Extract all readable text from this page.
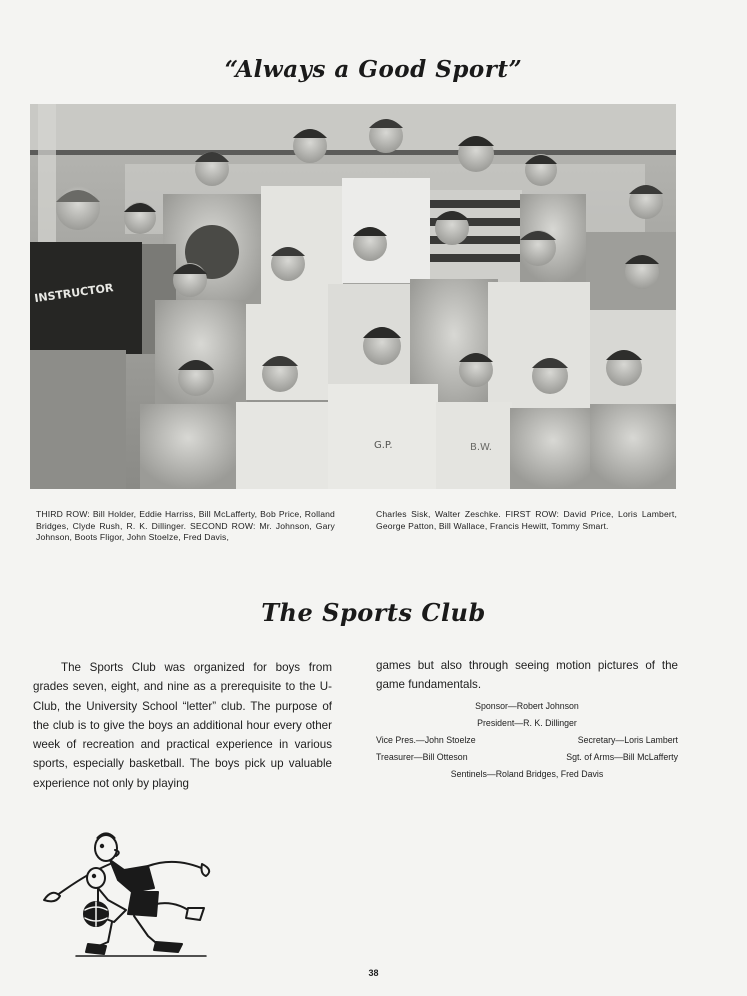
“Always a Good Sport”
INSTRUCTOR
G.P.	B.W.
THIRD ROW: Bill Holder, Eddie Harriss, Bill McLafferty, Bob Price, Rolland Bridges, Clyde Rush, R. K. Dillinger. SECOND ROW: Mr. Johnson, Gary Johnson, Boots Fligor, John Stoelze, Fred Davis,
Charles Sisk, Walter Zeschke. FIRST ROW: David Price, Loris Lambert, George Patton, Bill Wallace, Francis Hewitt, Tommy Smart.
The Sports Club

The Sports Club was organized for boys from grades seven, eight, and nine as a prerequisite to the U-Club, the University School “letter” club. The purpose of the club is to give the boys an additional hour every other week of recreation and practical experience in various sports, especially basketball. The boys pick up valuable experience not only by playing

games but also through seeing motion pictures of the game fundamentals.

Sponsor—Robert Johnson
President—R. K. Dillinger
Vice Pres.—John Stoelze	Secretary—Loris Lambert
Treasurer—Bill Otteson	Sgt. of Arms—Bill McLafferty
Sentinels—Roland Bridges, Fred Davis
38
